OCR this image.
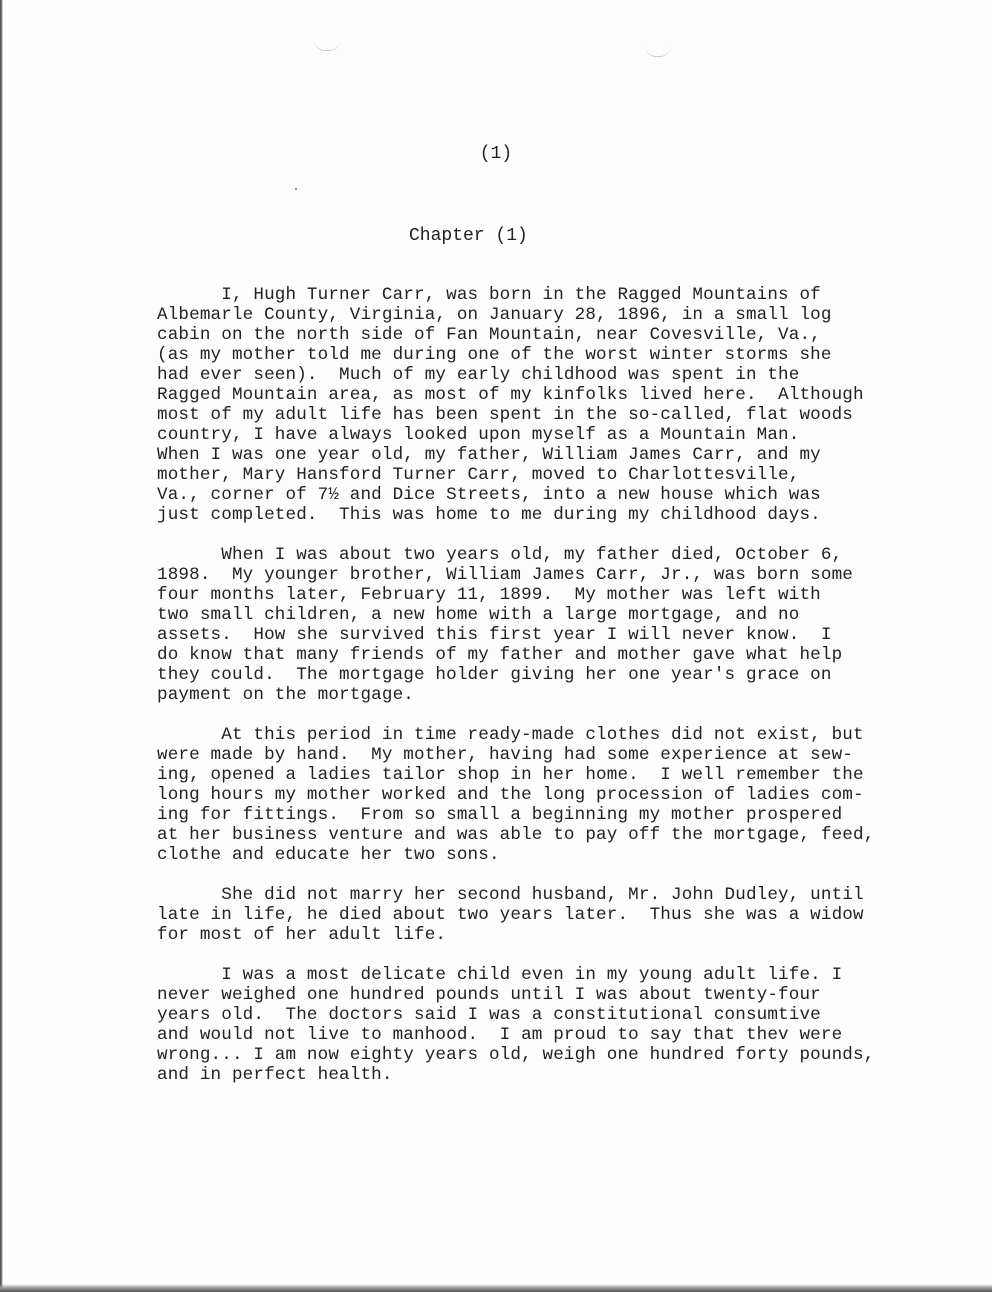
(1)
Chapter (1)
I, Hugh Turner Carr, was born in the Ragged Mountains of
Albemarle County, Virginia, on January 28, 1896, in a small log
cabin on the north side of Fan Mountain, near Covesville, Va.,
(as my mother told me during one of the worst winter storms she
had ever seen).  Much of my early childhood was spent in the
Ragged Mountain area, as most of my kinfolks lived here.  Although
most of my adult life has been spent in the so-called, flat woods
country, I have always looked upon myself as a Mountain Man.
When I was one year old, my father, William James Carr, and my
mother, Mary Hansford Turner Carr, moved to Charlottesville,
Va., corner of 7½ and Dice Streets, into a new house which was
just completed.  This was home to me during my childhood days.
When I was about two years old, my father died, October 6,
1898.  My younger brother, William James Carr, Jr., was born some
four months later, February 11, 1899.  My mother was left with
two small children, a new home with a large mortgage, and no
assets.  How she survived this first year I will never know.  I
do know that many friends of my father and mother gave what help
they could.  The mortgage holder giving her one year's grace on
payment on the mortgage.
At this period in time ready-made clothes did not exist, but
were made by hand.  My mother, having had some experience at sew-
ing, opened a ladies tailor shop in her home.  I well remember the
long hours my mother worked and the long procession of ladies com-
ing for fittings.  From so small a beginning my mother prospered
at her business venture and was able to pay off the mortgage, feed,
clothe and educate her two sons.
She did not marry her second husband, Mr. John Dudley, until
late in life, he died about two years later.  Thus she was a widow
for most of her adult life.
I was a most delicate child even in my young adult life. I
never weighed one hundred pounds until I was about twenty-four
years old.  The doctors said I was a constitutional consumtive
and would not live to manhood.  I am proud to say that thev were
wrong... I am now eighty years old, weigh one hundred forty pounds,
and in perfect health.
